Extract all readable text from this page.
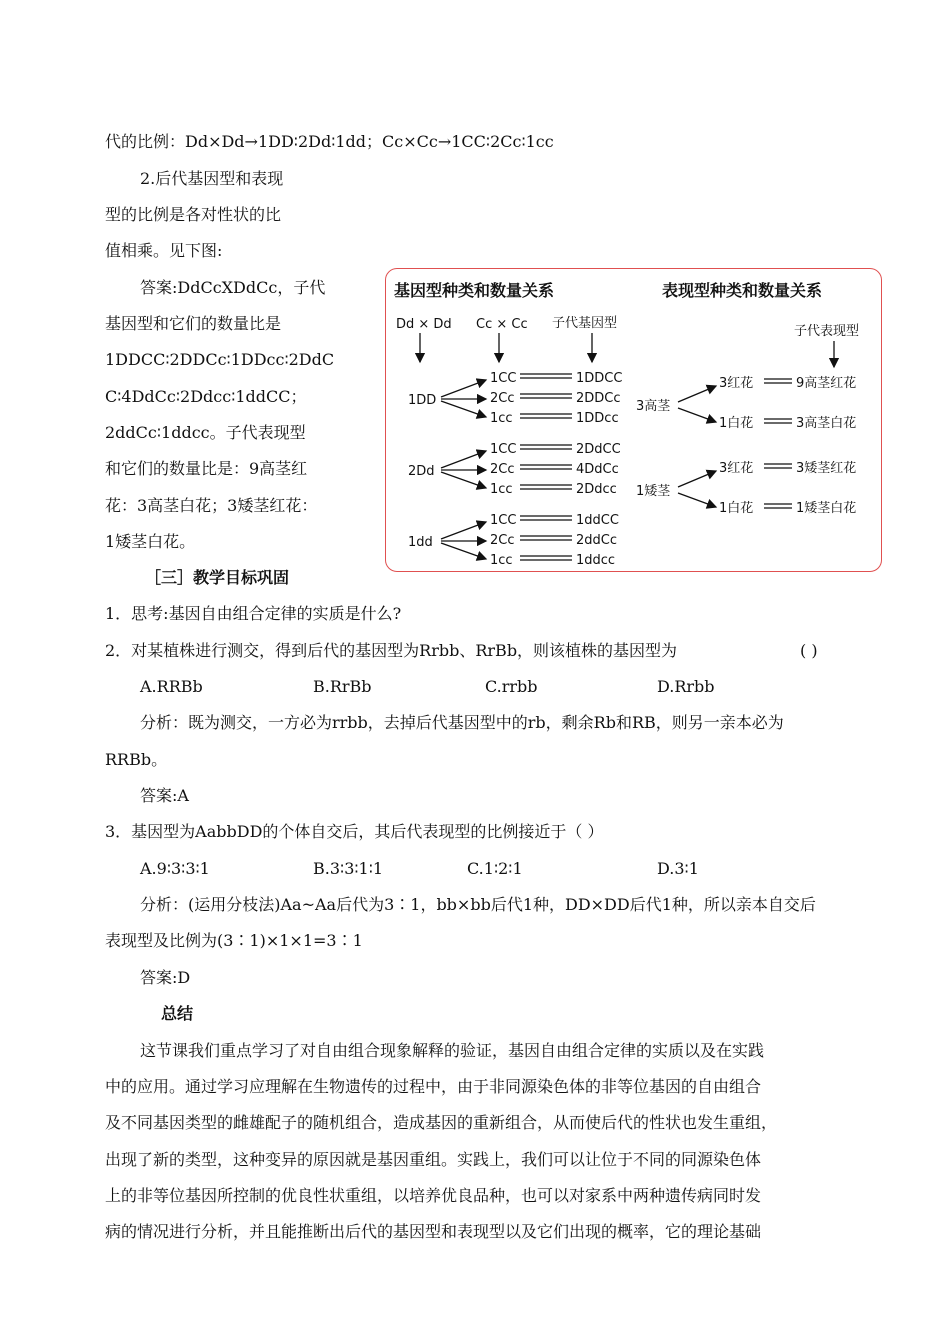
代的比例：Dd×Dd→1DD∶2Dd∶1dd；Cc×Cc→1CC∶2Cc∶1cc
2.后代基因型和表现
型的比例是各对性状的比
值相乘。见下图:
答案:DdCcXDdCc，子代
基因型和它们的数量比是
1DDCC∶2DDCc∶1DDcc∶2DdC
C∶4DdCc∶2Ddcc∶1ddCC；
2ddCc∶1ddcc。子代表现型
和它们的数量比是：9高茎红
花：3高茎白花；3矮茎红花：
1矮茎白花。
基因型种类和数量关系	表现型种类和数量关系
Dd × Dd Cc × Cc 子代基因型
子代表现型
1DD
1CC
2Cc
1cc
1DDCC
2DDCc
1DDcc
2Dd
1CC
2Cc
1cc
2DdCC
4DdCc
2Ddcc
1dd
1CC
2Cc
1cc
1ddCC
2ddCc
1ddcc
3高茎
3红花
1白花
9高茎红花
3高茎白花
1矮茎
3红花
1白花
3矮茎红花
1矮茎白花
［三］教学目标巩固
1．思考:基因自由组合定律的实质是什么?
2．对某植株进行测交，得到后代的基因型为Rrbb、RrBb，则该植株的基因型为	( )
A.RRBb	B.RrBb	C.rrbb	D.Rrbb
分析：既为测交，一方必为rrbb，去掉后代基因型中的rb，剩余Rb和RB，则另一亲本必为
RRBb。
答案:A
3．基因型为AabbDD的个体自交后，其后代表现型的比例接近于（ ）
A.9∶3∶3∶1	B.3∶3∶1∶1	C.1∶2∶1	D.3∶1
分析：(运用分枝法)Aa~Aa后代为3∶1，bb×bb后代1种，DD×DD后代1种，所以亲本自交后
表现型及比例为(3∶1)×1×1=3∶1
答案:D
总结
这节课我们重点学习了对自由组合现象解释的验证，基因自由组合定律的实质以及在实践
中的应用。通过学习应理解在生物遗传的过程中，由于非同源染色体的非等位基因的自由组合
及不同基因类型的雌雄配子的随机组合，造成基因的重新组合，从而使后代的性状也发生重组，
出现了新的类型，这种变异的原因就是基因重组。实践上，我们可以让位于不同的同源染色体
上的非等位基因所控制的优良性状重组，以培养优良品种，也可以对家系中两种遗传病同时发
病的情况进行分析，并且能推断出后代的基因型和表现型以及它们出现的概率，它的理论基础
